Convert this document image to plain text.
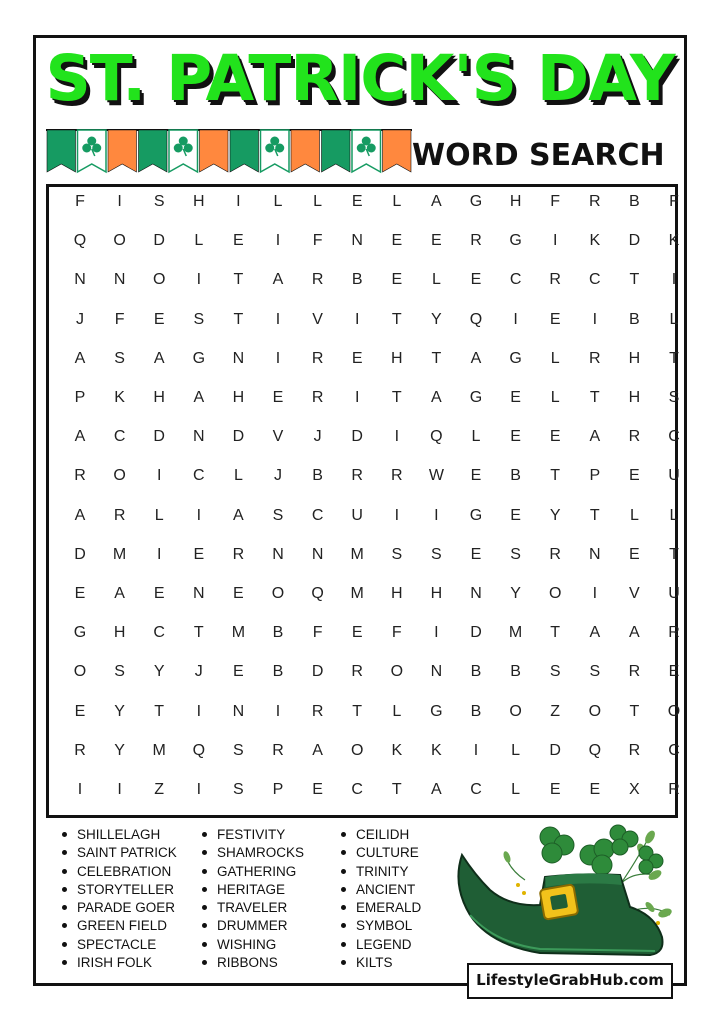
ST. PATRICK'S DAY
WORD SEARCH
F	I	S	H	I	L	L	E	L	A	G	H	F	R	B	F
Q	O	D	L	E	I	F	N	E	E	R	G	I	K	D	K
N	N	O	I	T	A	R	B	E	L	E	C	R	C	T	I
J	F	E	S	T	I	V	I	T	Y	Q	I	E	I	B	L
A	S	A	G	N	I	R	E	H	T	A	G	L	R	H	T
P	K	H	A	H	E	R	I	T	A	G	E	L	T	H	S
A	C	D	N	D	V	J	D	I	Q	L	E	E	A	R	C
R	O	I	C	L	J	B	R	R	W	E	B	T	P	E	U
A	R	L	I	A	S	C	U	I	I	G	E	Y	T	L	L
D	M	I	E	R	N	N	M	S	S	E	S	R	N	E	T
E	A	E	N	E	O	Q	M	H	H	N	Y	O	I	V	U
G	H	C	T	M	B	F	E	F	I	D	M	T	A	A	R
O	S	Y	J	E	B	D	R	O	N	B	B	S	S	R	E
E	Y	T	I	N	I	R	T	L	G	B	O	Z	O	T	O
R	Y	M	Q	S	R	A	O	K	K	I	L	D	Q	R	C
I	I	Z	I	S	P	E	C	T	A	C	L	E	E	X	R
SHILLELAGH
SAINT PATRICK
CELEBRATION
STORYTELLER
PARADE GOER
GREEN FIELD
SPECTACLE
IRISH FOLK
FESTIVITY
SHAMROCKS
GATHERING
HERITAGE
TRAVELER
DRUMMER
WISHING
RIBBONS
CEILIDH
CULTURE
TRINITY
ANCIENT
EMERALD
SYMBOL
LEGEND
KILTS
LifestyleGrabHub.com
